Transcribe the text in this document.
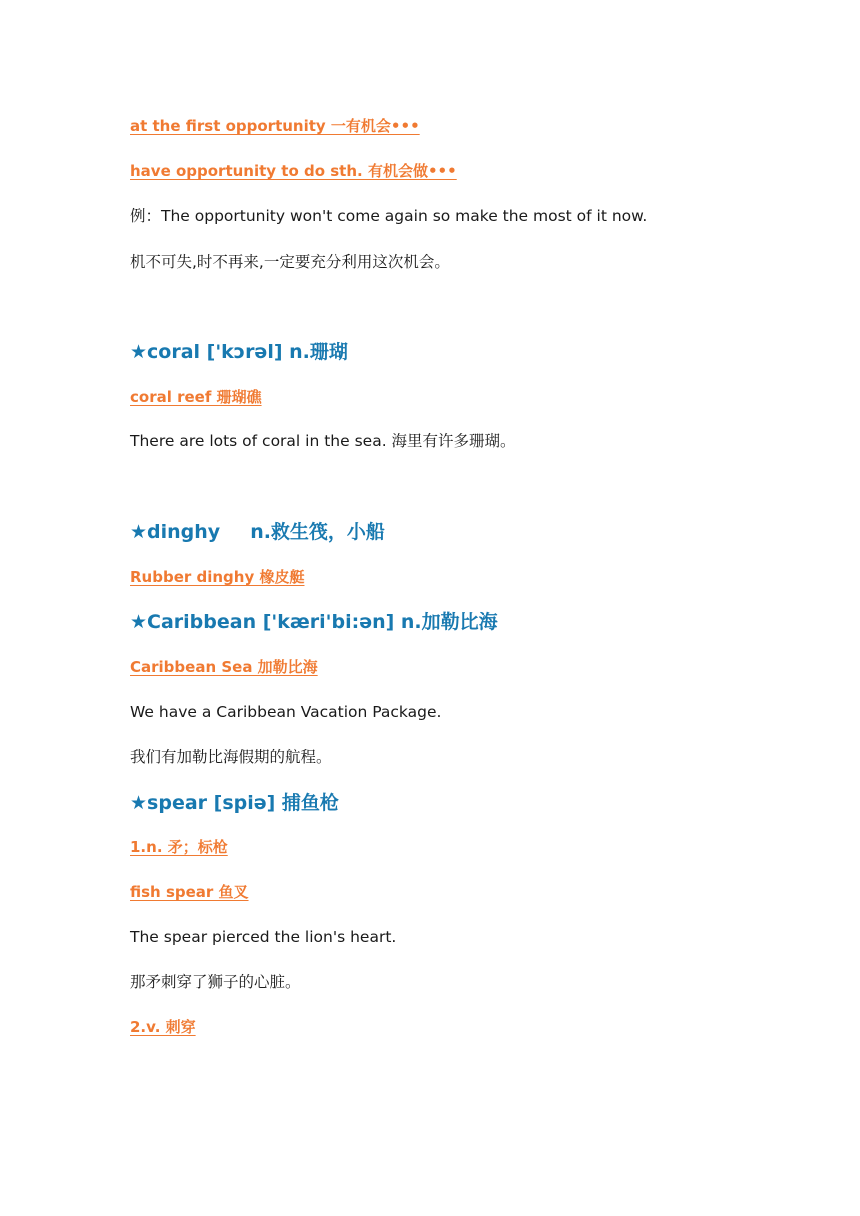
at the first opportunity 一有机会•••
have opportunity to do sth. 有机会做•••
例：The opportunity won't come again so make the most of it now.
机不可失,时不再来,一定要充分利用这次机会。
★coral ['kɔrəl] n.珊瑚
coral reef 珊瑚礁
There are lots of coral in the sea. 海里有许多珊瑚。
★dinghy n.救生筏，小船
Rubber dinghy 橡皮艇
★Caribbean ['kæri'bi:ən] n.加勒比海
Caribbean Sea 加勒比海
We have a Caribbean Vacation Package.
我们有加勒比海假期的航程。
★spear [spiə] 捕鱼枪
1.n. 矛；标枪
fish spear 鱼叉
The spear pierced the lion's heart.
那矛刺穿了狮子的心脏。
2.v. 刺穿
